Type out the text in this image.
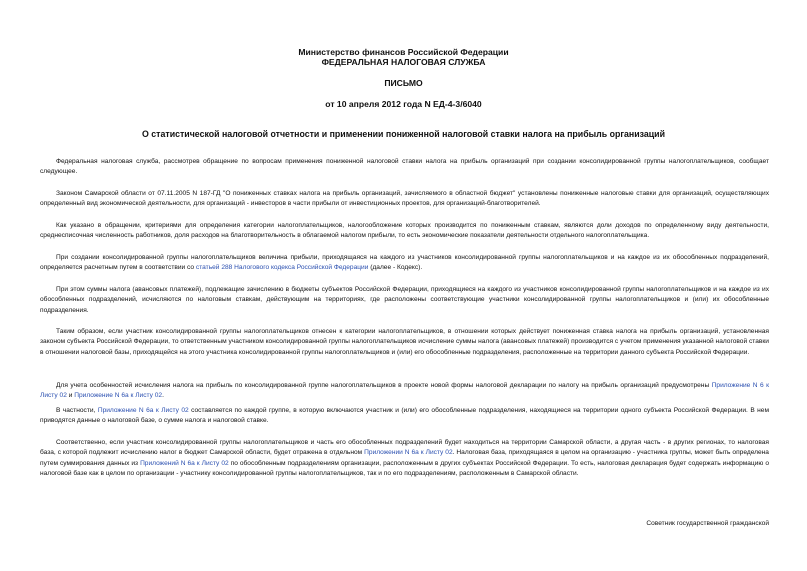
Министерство финансов Российской Федерации

ФЕДЕРАЛЬНАЯ НАЛОГОВАЯ СЛУЖБА

ПИСЬМО

от 10 апреля 2012 года N ЕД-4-3/6040

О статистической налоговой отчетности и применении пониженной налоговой ставки налога на прибыль организаций

Федеральная налоговая служба, рассмотрев обращение по вопросам применения пониженной налоговой ставки налога на прибыль организаций при создании консолидированной группы налогоплательщиков, сообщает следующее.

Законом Самарской области от 07.11.2005 N 187-ГД "О пониженных ставках налога на прибыль организаций, зачисляемого в областной бюджет" установлены пониженные налоговые ставки для организаций, осуществляющих определенный вид экономической деятельности, для организаций - инвесторов в части прибыли от инвестиционных проектов, для организаций-благотворителей.

Как указано в обращении, критериями для определения категории налогоплательщиков, налогообложение которых производится по пониженным ставкам, являются доли доходов по определенному виду деятельности, среднесписочная численность работников, доля расходов на благотворительность в облагаемой налогом прибыли, то есть экономические показатели деятельности отдельного налогоплательщика.

При создании консолидированной группы налогоплательщиков величина прибыли, приходящаяся на каждого из участников консолидированной группы налогоплательщиков и на каждое из их обособленных подразделений, определяется расчетным путем в соответствии со статьей 288 Налогового кодекса Российской Федерации (далее - Кодекс).

При этом суммы налога (авансовых платежей), подлежащие зачислению в бюджеты субъектов Российской Федерации, приходящиеся на каждого из участников консолидированной группы налогоплательщиков и на каждое из их обособленных подразделений, исчисляются по налоговым ставкам, действующим на территориях, где расположены соответствующие участники консолидированной группы налогоплательщиков и (или) их обособленные подразделения.

Таким образом, если участник консолидированной группы налогоплательщиков отнесен к категории налогоплательщиков, в отношении которых действует пониженная ставка налога на прибыль организаций, установленная законом субъекта Российской Федерации, то ответственным участником консолидированной группы налогоплательщиков исчисление суммы налога (авансовых платежей) производится с учетом применения указанной налоговой ставки в отношении налоговой базы, приходящейся на этого участника консолидированной группы налогоплательщиков и (или) его обособленные подразделения, расположенные на территории данного субъекта Российской Федерации.

Для учета особенностей исчисления налога на прибыль по консолидированной группе налогоплательщиков в проекте новой формы налоговой декларации по налогу на прибыль организаций предусмотрены Приложение N 6 к Листу 02 и Приложение N 6а к Листу 02.

В частности, Приложение N 6а к Листу 02 составляется по каждой группе, в которую включаются участник и (или) его обособленные подразделения, находящиеся на территории одного субъекта Российской Федерации. В нем приводятся данные о налоговой базе, о сумме налога и налоговой ставке.

Соответственно, если участник консолидированной группы налогоплательщиков и часть его обособленных подразделений будет находиться на территории Самарской области, а другая часть - в других регионах, то налоговая база, с которой подлежит исчислению налог в бюджет Самарской области, будет отражена в отдельном Приложении N 6а к Листу 02. Налоговая база, приходящаяся в целом на организацию - участника группы, может быть определена путем суммирования данных из Приложений N 6а к Листу 02 по обособленным подразделениям организации, расположенным в других субъектах Российской Федерации. То есть, налоговая декларация будет содержать информацию о налоговой базе как в целом по организации - участнику консолидированной группы налогоплательщиков, так и по его подразделениям, расположенным в Самарской области.

Советник государственной гражданской
